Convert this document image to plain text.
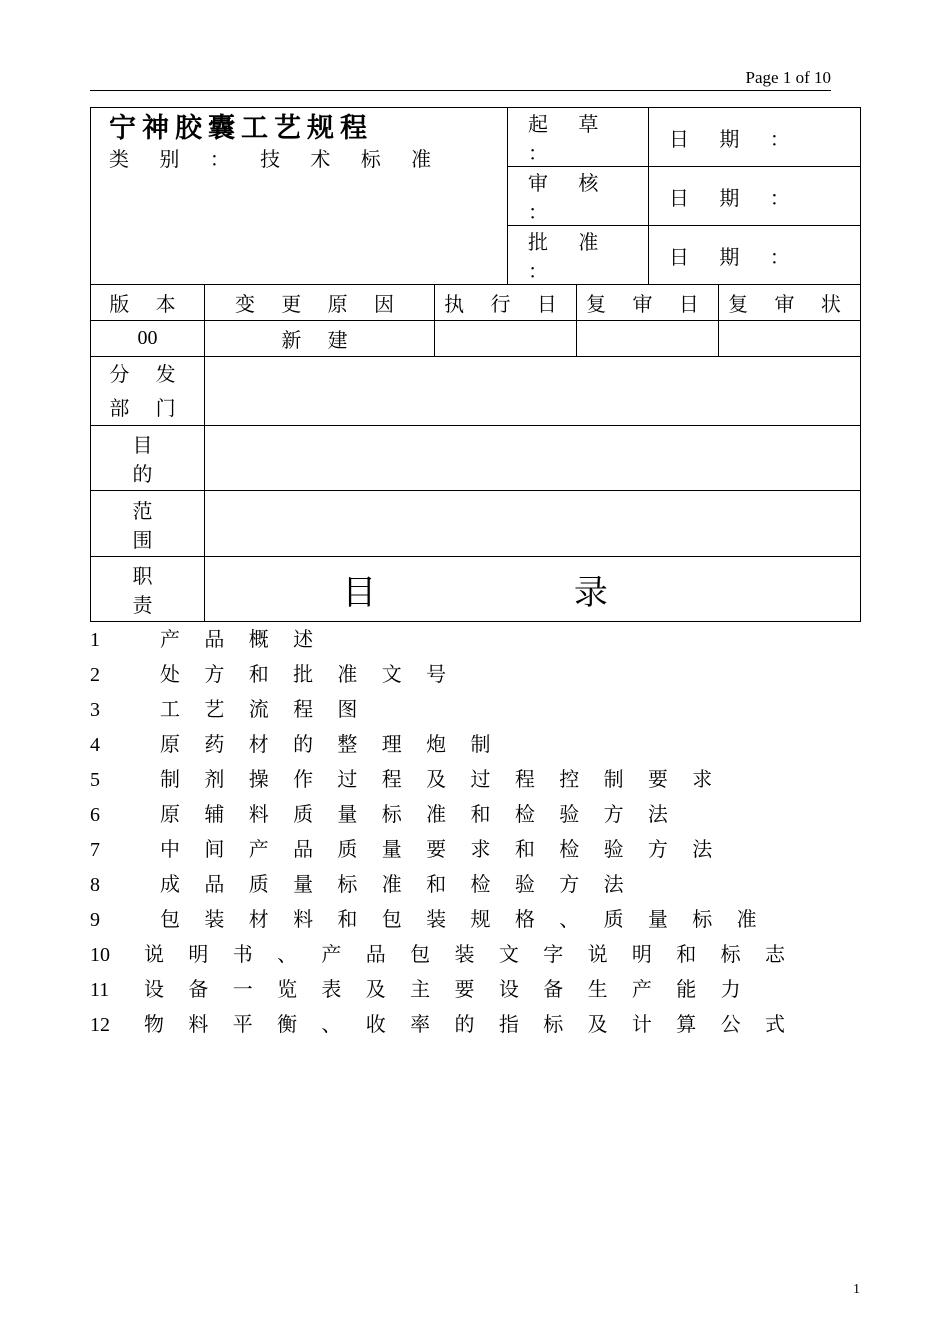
Page 1 of 10
宁神胶囊工艺规程
类 别 ： 技 术 标 准			起 草 ：		日 期 ：	
			审 核 ：		日 期 ：	
			批 准 ：		日 期 ：	
版 本	变 更 原 因	执 行 日		复 审 日		复 审 状
00	新 建					

分 发
部 门						

目 的						
范 围						
职 责							目	录
1	产 品 概 述
2	处 方 和 批 准 文 号
3	工 艺 流 程 图
4	原 药 材 的 整 理 炮 制
5	制 剂 操 作 过 程 及 过 程 控 制 要 求
6	原 辅 料 质 量 标 准 和 检 验 方 法
7	中 间 产 品 质 量 要 求 和 检 验 方 法
8	成 品 质 量 标 准 和 检 验 方 法
9	包 装 材 料 和 包 装 规 格 、 质 量 标 准
10 说 明 书 、 产 品 包 装 文 字 说 明 和 标 志
11 设 备 一 览 表 及 主 要 设 备 生 产 能 力
12 物 料 平 衡 、 收 率 的 指 标 及 计 算 公 式
1
